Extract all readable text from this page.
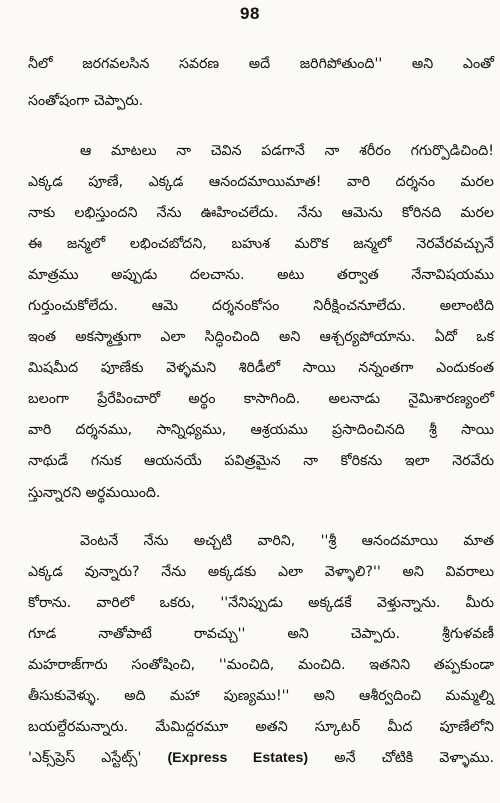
98
నీలో జరగవలసిన సవరణ అదే జరిగిపోతుంది'' అని ఎంతో
సంతోషంగా చెప్పారు.
ఆ మాటలు నా చెవిన పడగానే నా శరీరం గగుర్పొడిచింది!
ఎక్కడ పూణే, ఎక్కడ ఆనందమాయిమాత! వారి దర్శనం మరల
నాకు లభిస్తుందని నేను ఊహించలేదు. నేను ఆమెను కోరినది మరల
ఈ జన్మలో లభించబోదని, బహుశ మరొక జన్మలో నెరవేరవచ్చునే
మాత్రము అప్పుడు దలచాను. అటు తర్వాత నేనావిషయము
గుర్తుంచుకోలేదు. ఆమె దర్శనంకోసం నిరీక్షించనూలేదు. అలాంటిది
ఇంత అకస్మాత్తుగా ఎలా సిద్ధించింది అని ఆశ్చర్యపోయాను. ఏదో ఒక
మిషమీద పూణేకు వెళ్ళమని శిరిడీలో సాయి నన్నంతగా ఎందుకంత
బలంగా ప్రేరేపించారో అర్థం కాసాగింది. అలనాడు నైమిశారణ్యంలో
వారి దర్శనము, సాన్నిధ్యము, ఆశ్రయము ప్రసాదించినది శ్రీ సాయి
నాథుడే గనుక ఆయనయే పవిత్రమైన నా కోరికను ఇలా నెరవేరు
స్తున్నారని అర్థమయింది.
వెంటనే నేను అచ్చటి వారిని, ''శ్రీ ఆనందమాయి మాత
ఎక్కడ వున్నారు? నేను అక్కడకు ఎలా వెళ్ళాలి?'' అని వివరాలు
కోరాను. వారిలో ఒకరు, ''నేనిప్పుడు అక్కడకే వెళ్తున్నాను. మీరు
గూడ నాతోపాటే రావచ్చు'' అని చెప్పారు. శ్రీగుళవణీ
మహరాజ్‌గారు సంతోషించి, ''మంచిది, మంచిది. ఇతనిని తప్పకుండా
తీసుకువెళ్ళు. అది మహా పుణ్యము!'' అని ఆశీర్వదించి మమ్మల్ని
బయల్దేరమన్నారు. మేమిద్దరమూ అతని స్కూటర్ మీద పూణేలోని
'ఎక్స్‌ప్రెస్ ఎస్టేట్స్' (Express Estates) అనే చోటికి వెళ్ళాము.
